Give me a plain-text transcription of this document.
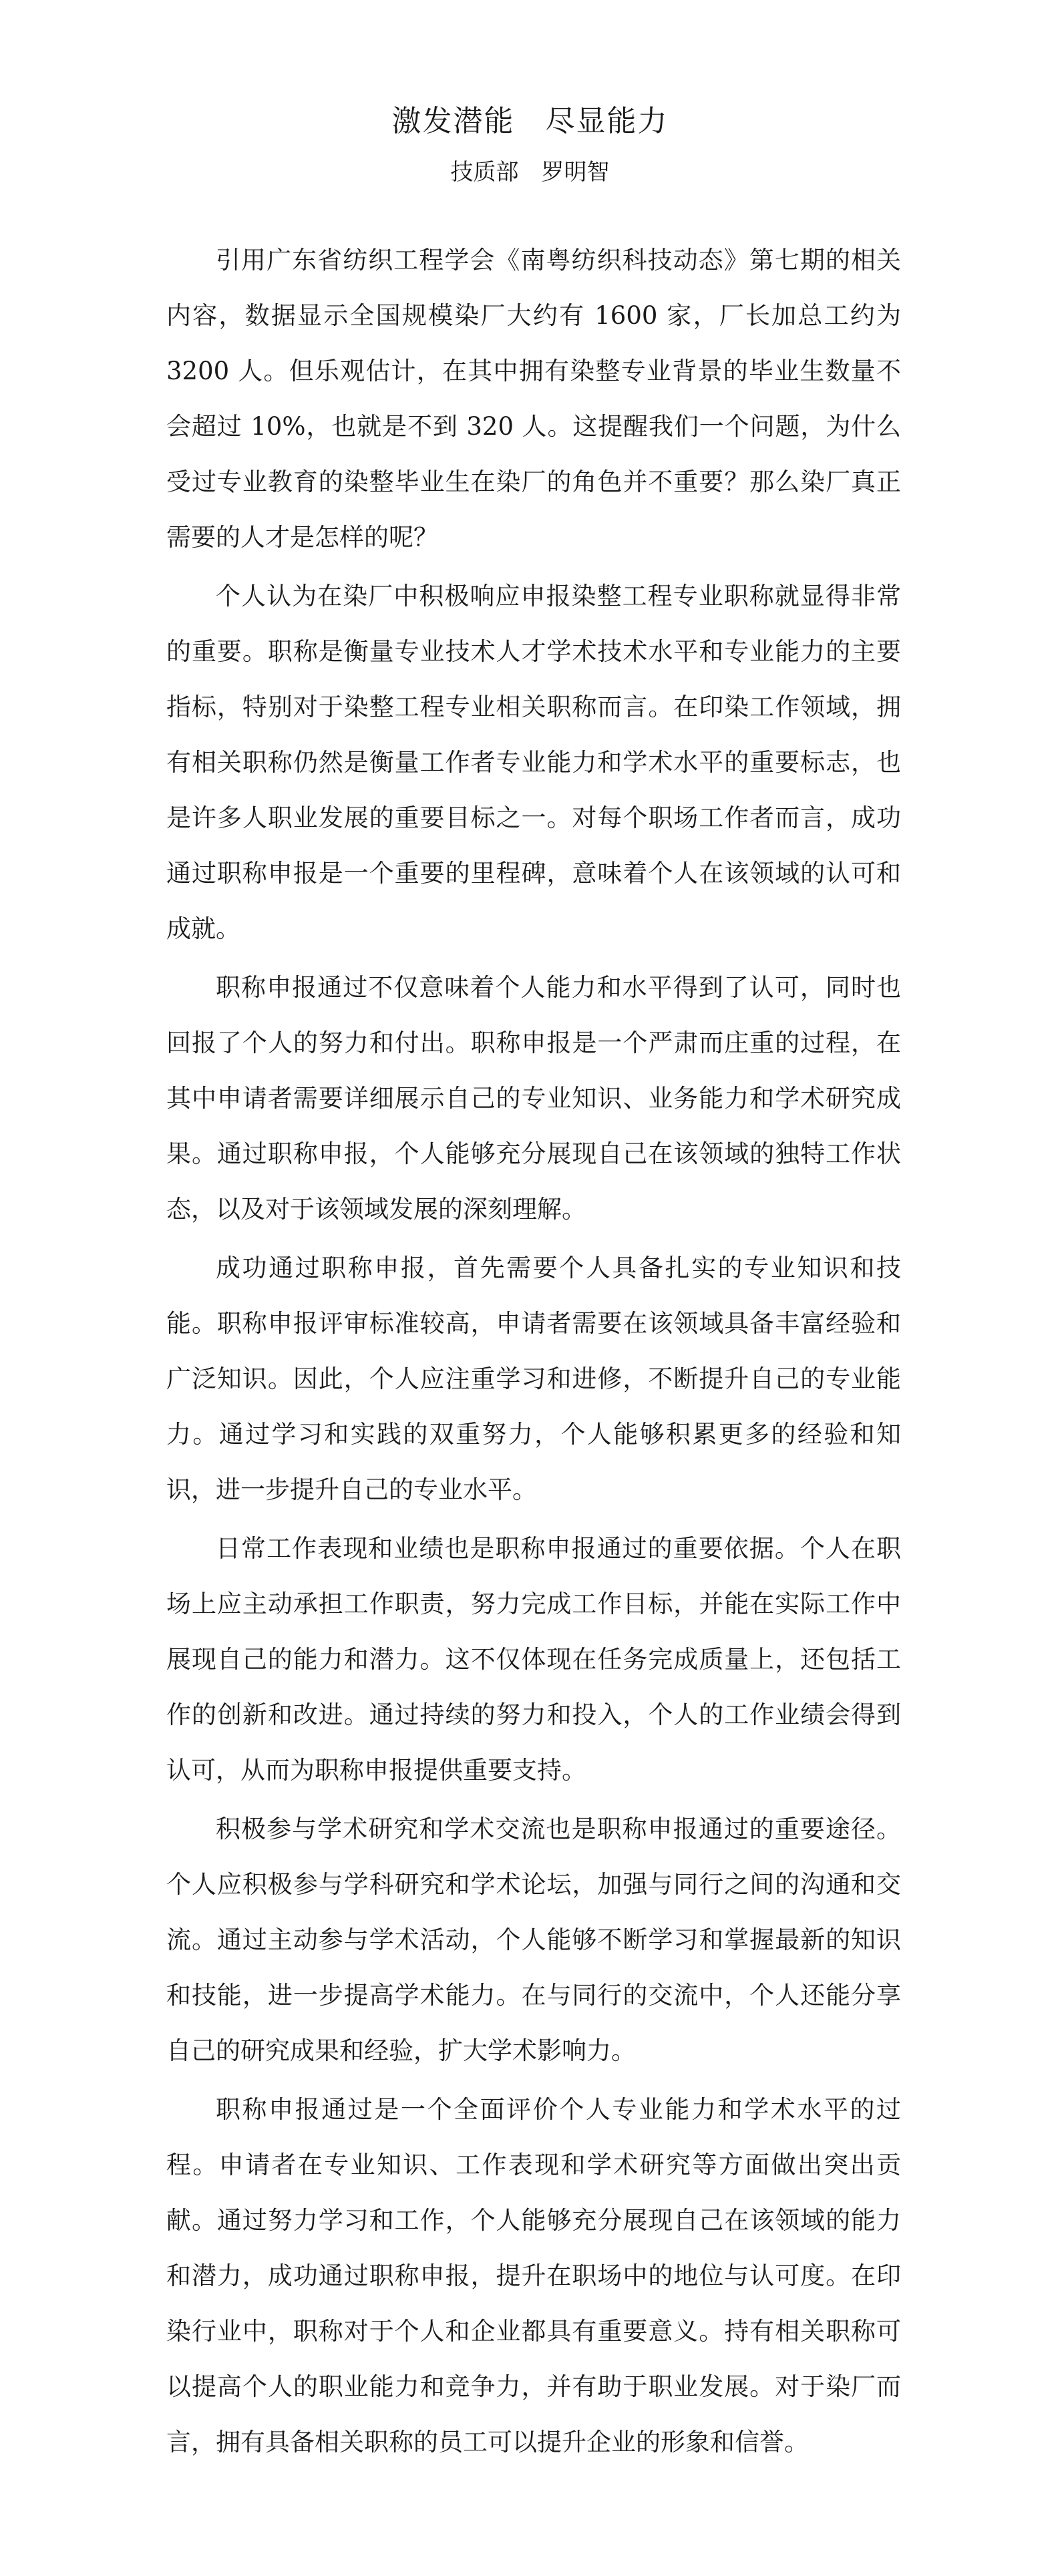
激发潜能　尽显能力
技质部　罗明智

引用广东省纺织工程学会《南粤纺织科技动态》第七期的相关内容，数据显示全国规模染厂大约有 1600 家，厂长加总工约为 3200 人。但乐观估计，在其中拥有染整专业背景的毕业生数量不会超过 10%，也就是不到 320 人。这提醒我们一个问题，为什么受过专业教育的染整毕业生在染厂的角色并不重要？那么染厂真正需要的人才是怎样的呢？

个人认为在染厂中积极响应申报染整工程专业职称就显得非常的重要。职称是衡量专业技术人才学术技术水平和专业能力的主要指标，特别对于染整工程专业相关职称而言。在印染工作领域，拥有相关职称仍然是衡量工作者专业能力和学术水平的重要标志，也是许多人职业发展的重要目标之一。对每个职场工作者而言，成功通过职称申报是一个重要的里程碑，意味着个人在该领域的认可和成就。

职称申报通过不仅意味着个人能力和水平得到了认可，同时也回报了个人的努力和付出。职称申报是一个严肃而庄重的过程，在其中申请者需要详细展示自己的专业知识、业务能力和学术研究成果。通过职称申报，个人能够充分展现自己在该领域的独特工作状态，以及对于该领域发展的深刻理解。

成功通过职称申报，首先需要个人具备扎实的专业知识和技能。职称申报评审标准较高，申请者需要在该领域具备丰富经验和广泛知识。因此，个人应注重学习和进修，不断提升自己的专业能力。通过学习和实践的双重努力，个人能够积累更多的经验和知识，进一步提升自己的专业水平。

日常工作表现和业绩也是职称申报通过的重要依据。个人在职场上应主动承担工作职责，努力完成工作目标，并能在实际工作中展现自己的能力和潜力。这不仅体现在任务完成质量上，还包括工作的创新和改进。通过持续的努力和投入，个人的工作业绩会得到认可，从而为职称申报提供重要支持。

积极参与学术研究和学术交流也是职称申报通过的重要途径。个人应积极参与学科研究和学术论坛，加强与同行之间的沟通和交流。通过主动参与学术活动，个人能够不断学习和掌握最新的知识和技能，进一步提高学术能力。在与同行的交流中，个人还能分享自己的研究成果和经验，扩大学术影响力。

职称申报通过是一个全面评价个人专业能力和学术水平的过程。申请者在专业知识、工作表现和学术研究等方面做出突出贡献。通过努力学习和工作，个人能够充分展现自己在该领域的能力和潜力，成功通过职称申报，提升在职场中的地位与认可度。在印染行业中，职称对于个人和企业都具有重要意义。持有相关职称可以提高个人的职业能力和竞争力，并有助于职业发展。对于染厂而言，拥有具备相关职称的员工可以提升企业的形象和信誉。
